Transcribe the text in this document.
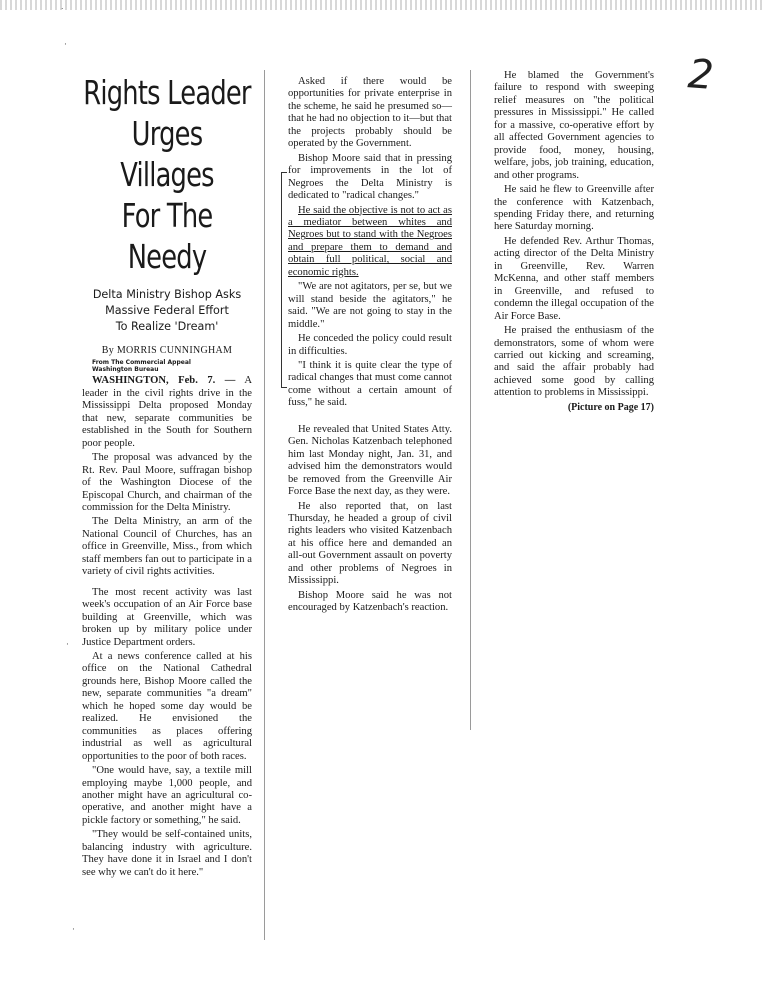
2
˙
·
·
·
Rights Leader
Urges Villages
For The Needy
Delta Ministry Bishop Asks
Massive Federal Effort
To Realize 'Dream'
By MORRIS CUNNINGHAM
From The Commercial Appeal
Washington Bureau

WASHINGTON, Feb. 7. — A leader in the civil rights drive in the Mississippi Delta proposed Monday that new, separate communities be established in the South for Southern poor people.

The proposal was advanced by the Rt. Rev. Paul Moore, suffragan bishop of the Washington Diocese of the Episcopal Church, and chairman of the commission for the Delta Ministry.

The Delta Ministry, an arm of the National Council of Churches, has an office in Greenville, Miss., from which staff members fan out to participate in a variety of civil rights activities.

The most recent activity was last week's occupation of an Air Force base building at Greenville, which was broken up by military police under Justice Department orders.

At a news conference called at his office on the National Cathedral grounds here, Bishop Moore called the new, separate communities "a dream" which he hoped some day would be realized. He envisioned the communities as places offering industrial as well as agricultural opportunities to the poor of both races.

"One would have, say, a textile mill employing maybe 1,000 people, and another might have an agricultural co-operative, and another might have a pickle factory or something," he said.

"They would be self-contained units, balancing industry with agriculture. They have done it in Israel and I don't see why we can't do it here."

Asked if there would be opportunities for private enterprise in the scheme, he said he presumed so—that he had no objection to it—but that the projects probably should be operated by the Government.

Bishop Moore said that in pressing for improvements in the lot of Negroes the Delta Ministry is dedicated to "radical changes."

He said the objective is not to act as a mediator between whites and Negroes but to stand with the Negroes and prepare them to demand and obtain full political, social and economic rights.

"We are not agitators, per se, but we will stand beside the agitators," he said. "We are not going to stay in the middle."

He conceded the policy could result in difficulties.

"I think it is quite clear the type of radical changes that must come cannot come without a certain amount of fuss," he said.

He revealed that United States Atty. Gen. Nicholas Katzenbach telephoned him last Monday night, Jan. 31, and advised him the demonstrators would be removed from the Greenville Air Force Base the next day, as they were.

He also reported that, on last Thursday, he headed a group of civil rights leaders who visited Katzenbach at his office here and demanded an all-out Government assault on poverty and other problems of Negroes in Mississippi.

Bishop Moore said he was not encouraged by Katzenbach's reaction.

He blamed the Government's failure to respond with sweeping relief measures on "the political pressures in Mississippi." He called for a massive, co-operative effort by all affected Government agencies to provide food, money, housing, welfare, jobs, job training, education, and other programs.

He said he flew to Greenville after the conference with Katzenbach, spending Friday there, and returning here Saturday morning.

He defended Rev. Arthur Thomas, acting director of the Delta Ministry in Greenville, Rev. Warren McKenna, and other staff members in Greenville, and refused to condemn the illegal occupation of the Air Force Base.

He praised the enthusiasm of the demonstrators, some of whom were carried out kicking and screaming, and said the affair probably had achieved some good by calling attention to problems in Mississippi.

(Picture on Page 17)
